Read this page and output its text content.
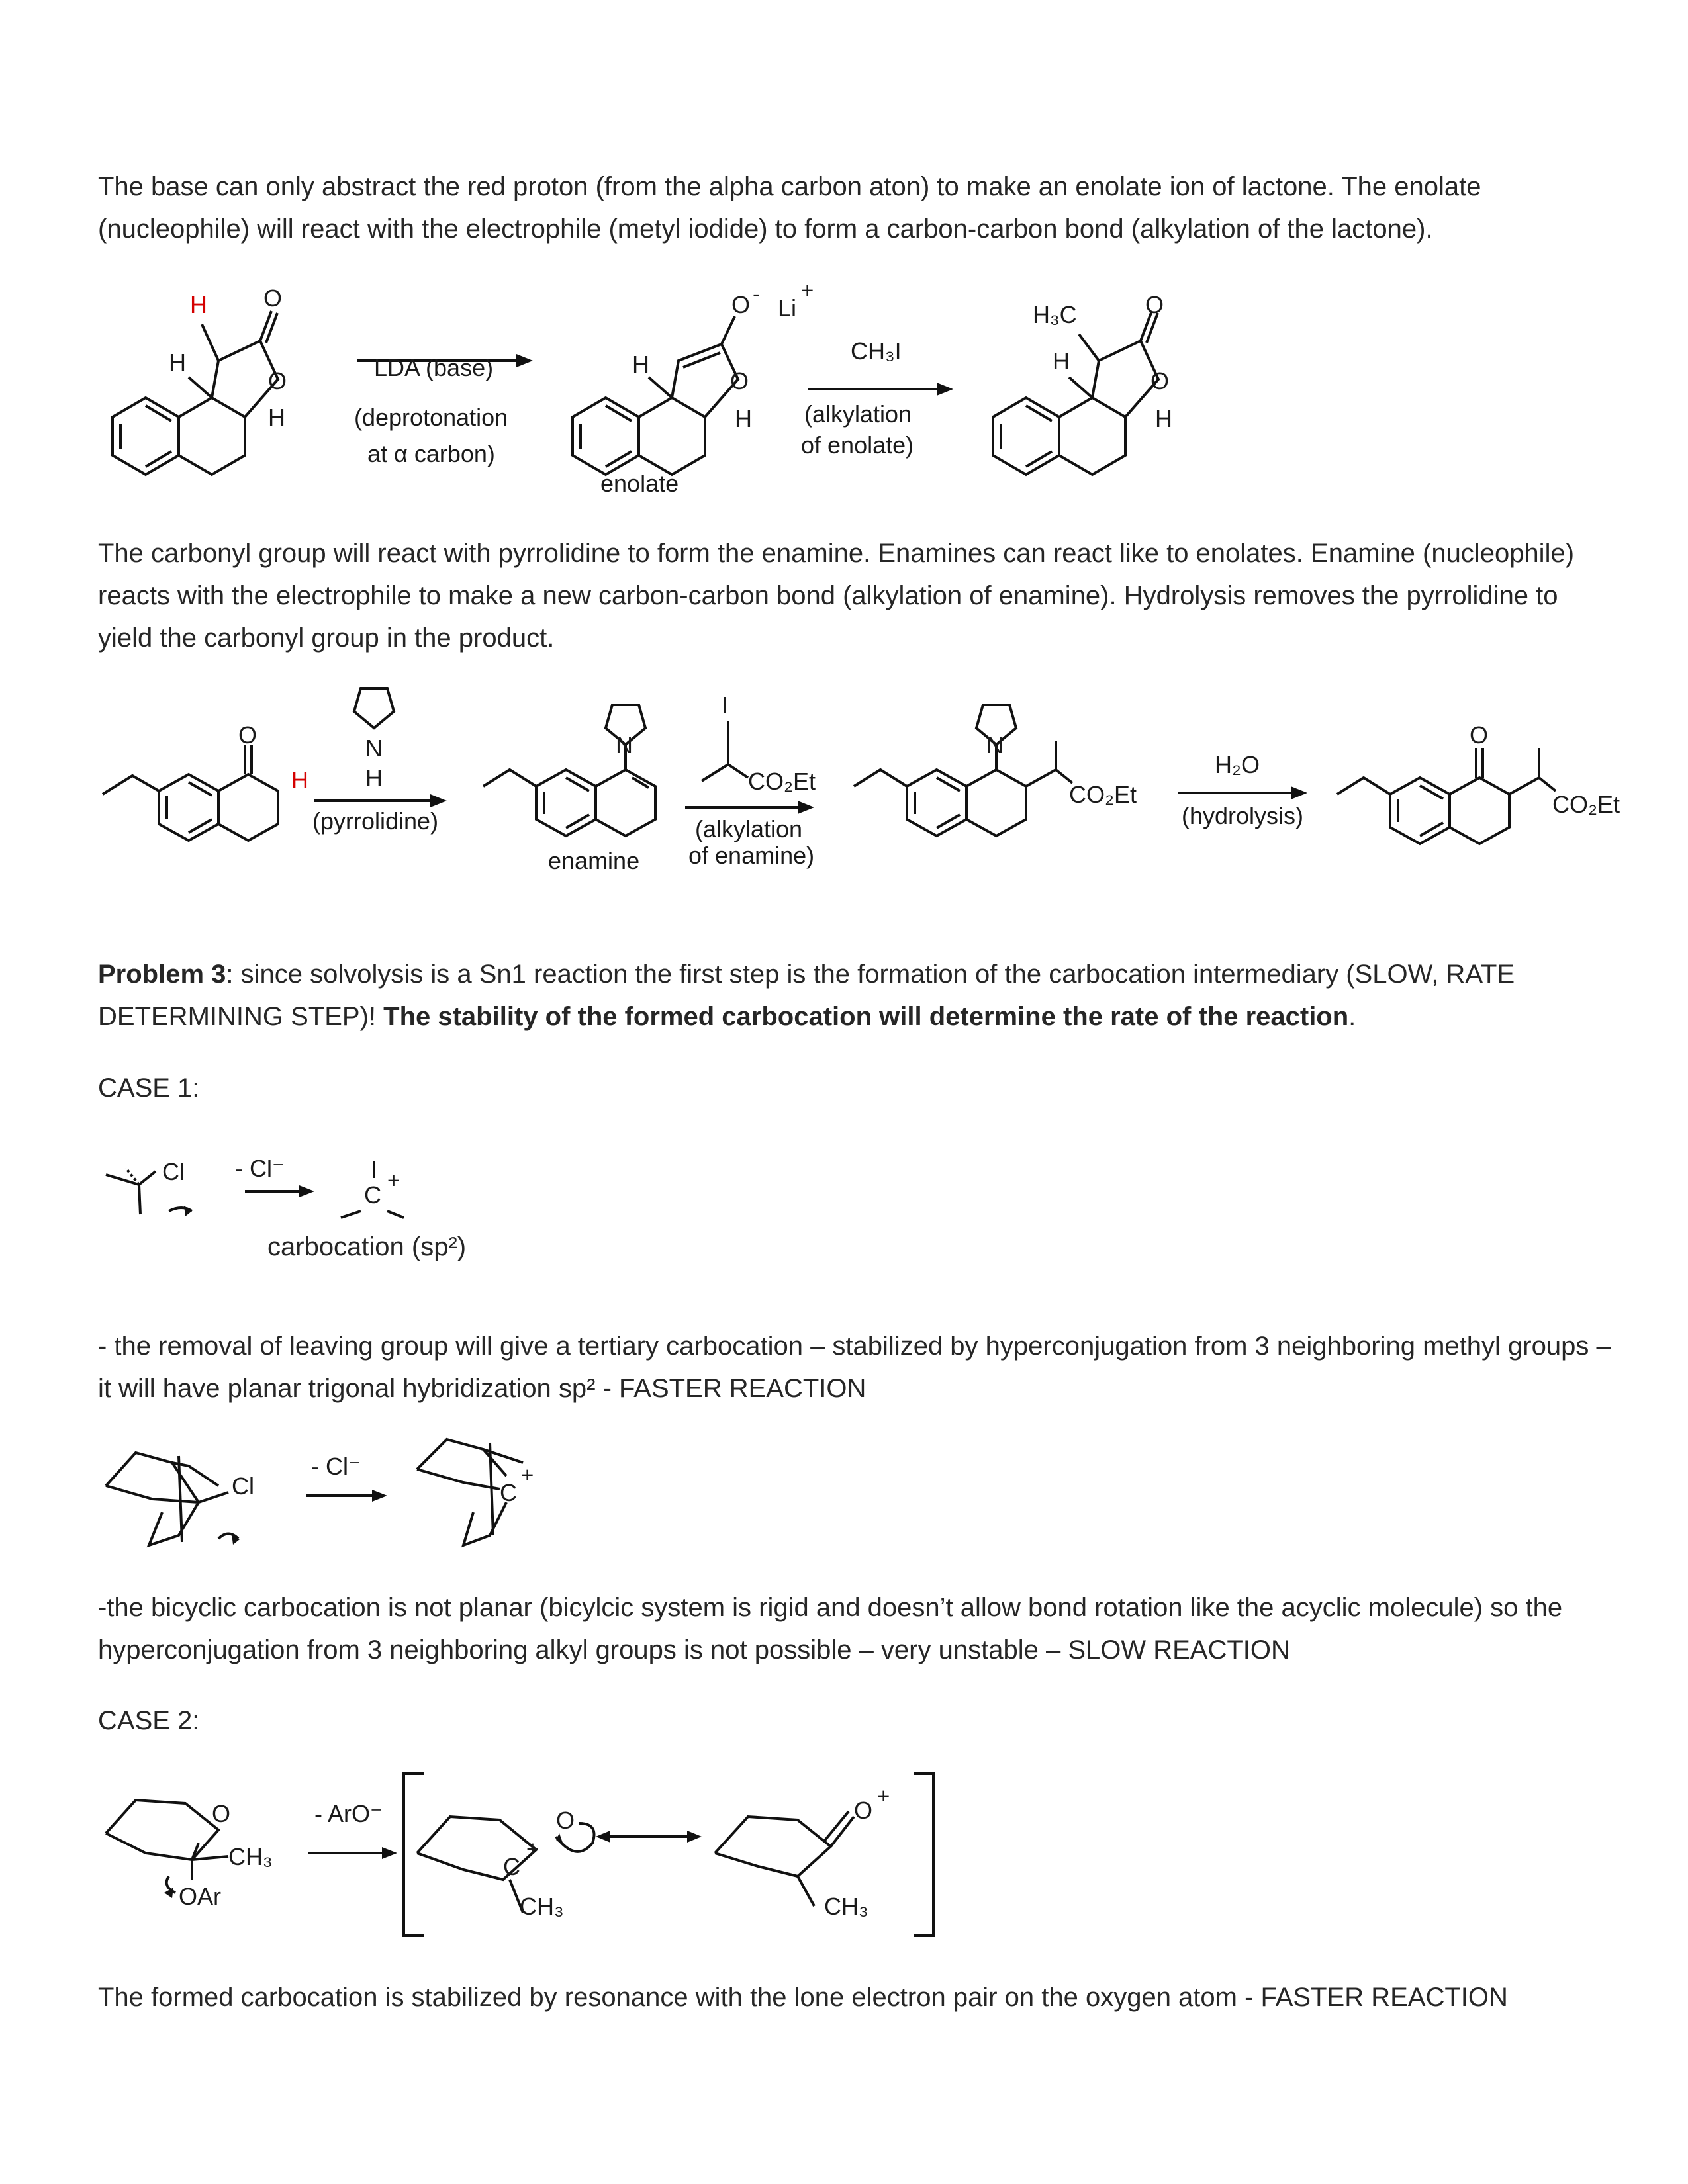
The base can only abstract the red proton (from the alpha carbon aton) to make an enolate ion of lactone. The enolate (nucleophile) will react with the electrophile (metyl iodide) to form a carbon-carbon bond (alkylation of the lactone).
H O
H
O
H
LDA (base)
(deprotonation
at α carbon)
H
O
H
O -
Li
+
enolate
CH₃I
(alkylation
of enolate)
H₃C	O
H
O
H
The carbonyl group will react with pyrrolidine to form the enamine. Enamines can react like to enolates. Enamine (nucleophile) reacts with the electrophile to make a new carbon-carbon bond (alkylation of enamine). Hydrolysis removes the pyrrolidine to yield the carbonyl group in the product.
H
O	N
H
(pyrrolidine)
N
enamine
I
CO₂Et
(alkylation
of enamine)
N
CO₂Et
H₂O
(hydrolysis)
O
CO₂Et
Problem 3: since solvolysis is a Sn1 reaction the first step is the formation of the carbocation intermediary (SLOW, RATE DETERMINING STEP)! The stability of the formed carbocation will determine the rate of the reaction.
CASE 1:
Cl - Cl⁻
C
+
carbocation (sp²)
- the removal of leaving group will give a tertiary carbocation – stabilized by hyperconjugation from 3 neighboring methyl groups – it will have planar trigonal hybridization sp² - FASTER REACTION
Cl
- Cl⁻
C
+
-the bicyclic carbocation is not planar (bicylcic system is rigid and doesn’t allow bond rotation like the acyclic molecule) so the hyperconjugation from 3 neighboring alkyl groups is not possible – very unstable – SLOW REACTION
CASE 2:
O
CH₃
OAr
- ArO⁻	O
C
+
CH₃
O
+
CH₃
The formed carbocation is stabilized by resonance with the lone electron pair on the oxygen atom - FASTER REACTION
